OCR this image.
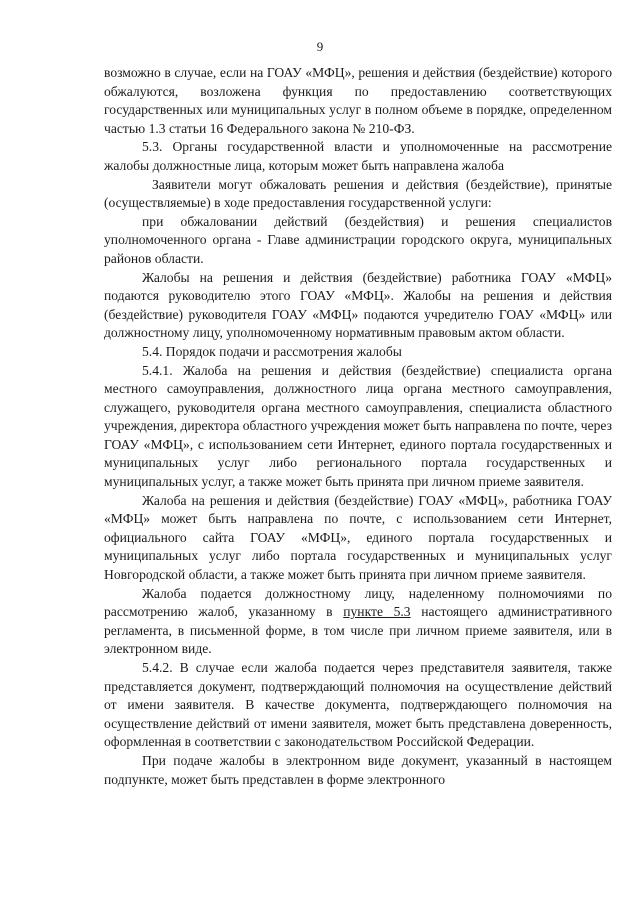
9

возможно в случае, если на ГОАУ «МФЦ», решения и действия (бездействие) которого обжалуются, возложена функция по предоставлению соответствующих государственных или муниципальных услуг в полном объеме в порядке, определенном частью 1.3 статьи 16 Федерального закона № 210-ФЗ.

5.3. Органы государственной власти и уполномоченные на рассмотрение жалобы должностные лица, которым может быть направлена жалоба

Заявители могут обжаловать решения и действия (бездействие), принятые (осуществляемые) в ходе предоставления государственной услуги:

при обжаловании действий (бездействия) и решения специалистов уполномоченного органа - Главе администрации городского округа, муниципальных районов области.

Жалобы на решения и действия (бездействие) работника ГОАУ «МФЦ» подаются руководителю этого ГОАУ «МФЦ». Жалобы на решения и действия (бездействие) руководителя ГОАУ «МФЦ» подаются учредителю ГОАУ «МФЦ» или должностному лицу, уполномоченному нормативным правовым актом области.

5.4. Порядок подачи и рассмотрения жалобы

5.4.1. Жалоба на решения и действия (бездействие) специалиста органа местного самоуправления, должностного лица органа местного самоуправления, служащего, руководителя органа местного самоуправления, специалиста областного учреждения, директора областного учреждения может быть направлена по почте, через ГОАУ «МФЦ», с использованием сети Интернет, единого портала государственных и муниципальных услуг либо регионального портала государственных и муниципальных услуг, а также может быть принята при личном приеме заявителя.

Жалоба на решения и действия (бездействие) ГОАУ «МФЦ», работника ГОАУ «МФЦ» может быть направлена по почте, с использованием сети Интернет, официального сайта ГОАУ «МФЦ», единого портала государственных и муниципальных услуг либо портала государственных и муниципальных услуг Новгородской области, а также может быть принята при личном приеме заявителя.

Жалоба подается должностному лицу, наделенному полномочиями по рассмотрению жалоб, указанному в пункте 5.3 настоящего административного регламента, в письменной форме, в том числе при личном приеме заявителя, или в электронном виде.

5.4.2. В случае если жалоба подается через представителя заявителя, также представляется документ, подтверждающий полномочия на осуществление действий от имени заявителя. В качестве документа, подтверждающего полномочия на осуществление действий от имени заявителя, может быть представлена доверенность, оформленная в соответствии с законодательством Российской Федерации.

При подаче жалобы в электронном виде документ, указанный в настоящем подпункте, может быть представлен в форме электронного
